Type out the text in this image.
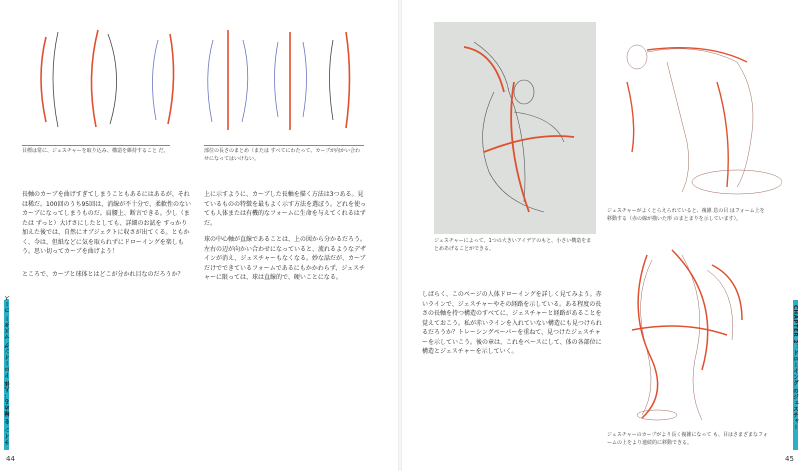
目標は常に、ジェスチャーを取り込み、構造を維持すること だ。	部位の長さのまとめ（または すべてにわたって、カーブが向かい合わせになってはいけない。
長軸のカーブを曲げすぎてしまうこともあるにはあるが、それは稀だ。100回のうち95回は、消線が不十分で、柔軟性のないカーブになってしまうものだ。肩腰上、断言できる。少し（または ずっと）大げさにしたとしても、詳細のお試を すっかり加えた後では、自然にオブジェクトに収さが出てくる。ともかく、今は、但紙などに気を取られずにドローイングを楽しもう。思い切ってカーブを曲げよう！
ところで、カーブと球体とはどこが分かれ目なのだろうか？
上に示すように、カーブした長軸を描く方法は3つある。見ているものの特徴を最もよく示す方法を選ぼう。どれを使っても人体または有機的なフォームに生命を与えてくれるはずだ。
球の中心軸が直線であることは、上の図から分かるだろう。左右の辺が向かい合わせになっていると、流れるようなデザインが消え、ジェスチャーもなくなる。妙な話だが、カーブだけでできているフォームであるにもかかわらず、ジェスチャーに限っては、球は直線的で、硬いことになる。
ライン を 極める：人体 ドローイング マスター コース
44
ジェスチャーによって、1つの大きいアイデアのもと、小さい構造をまとめあげることができる。
ジェスチャーがよくとらえられていると、複雑 息の目 はフォーム上を移動する（赤の線が描いた形 のまとまりを示しています）。
しばらく、このページの人体ドローイングを詳しく見てみよう。赤いラインで、ジェスチャーやその経路を示している。ある程度の長さの長軸を持つ構造のすべてに、ジェスチャーと経路があることを覚えておこう。私が赤いラインを入れていない構造にも見つけられるだろうか？トレーシングペーパーを重ねて、見つけたジェスチャーを示していこう。後の章は、これをベースにして、体の各部位に構造とジェスチャーを示していく。
ジェスチャーのカーブがより長く複雑になって も、目はさまざまなフォームの上をより連続的に移動できる。
CHAPTER 2：ドローイング のジェスチャー
45
